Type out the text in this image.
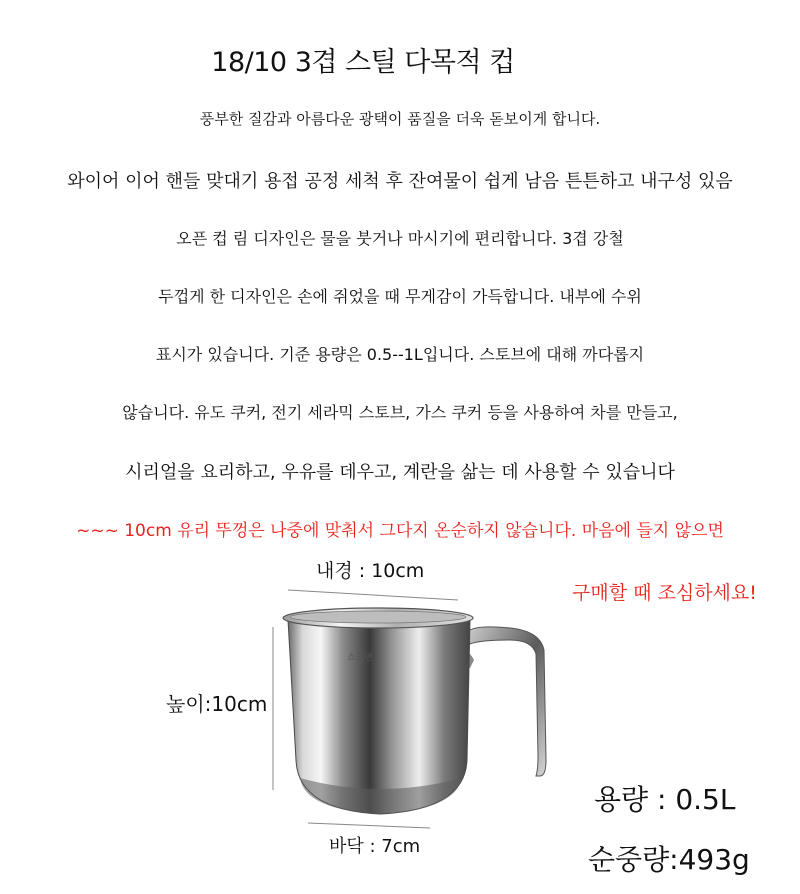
18/10 3겹 스틸 다목적 컵
풍부한 질감과 아름다운 광택이 품질을 더욱 돋보이게 합니다.
와이어 이어 핸들 맞대기 용접 공정 세척 후 잔여물이 쉽게 남음 튼튼하고 내구성 있음
오픈 컵 림 디자인은 물을 붓거나 마시기에 편리합니다. 3겹 강철
두껍게 한 디자인은 손에 쥐었을 때 무게감이 가득합니다. 내부에 수위
표시가 있습니다. 기준 용량은 0.5--1L입니다. 스토브에 대해 까다롭지
않습니다. 유도 쿠커, 전기 세라믹 스토브, 가스 쿠커 등을 사용하여 차를 만들고,
시리얼을 요리하고, 우유를 데우고, 계란을 삶는 데 사용할 수 있습니다
~~~ 10cm 유리 뚜껑은 나중에 맞춰서 그다지 온순하지 않습니다. 마음에 들지 않으면
구매할 때 조심하세요!
쇼크맨
내경 : 10cm
높이:10cm
바닥 : 7cm
용량 : 0.5L
순중량:493g
